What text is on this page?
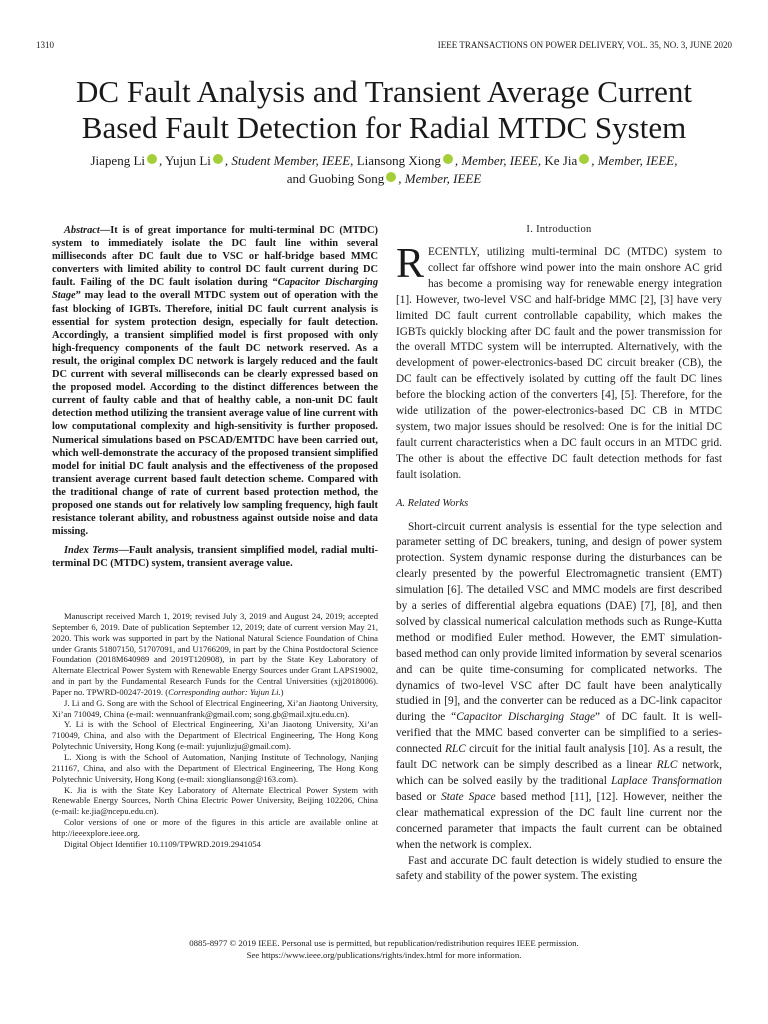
1310	IEEE TRANSACTIONS ON POWER DELIVERY, VOL. 35, NO. 3, JUNE 2020
DC Fault Analysis and Transient Average Current
Based Fault Detection for Radial MTDC System
Jiapeng Li , Yujun Li , Student Member, IEEE, Liansong Xiong , Member, IEEE, Ke Jia , Member, IEEE,
and Guobing Song , Member, IEEE
Abstract—It is of great importance for multi-terminal DC (MTDC) system to immediately isolate the DC fault line within several milliseconds after DC fault due to VSC or half-bridge based MMC converters with limited ability to control DC fault current during DC fault. Failing of the DC fault isolation during “Capacitor Discharging Stage” may lead to the overall MTDC system out of operation with the fast blocking of IGBTs. Therefore, initial DC fault current analysis is essential for system protection design, especially for fault detection. Accordingly, a transient simplified model is first proposed with only high-frequency components of the fault DC network reserved. As a result, the original complex DC network is largely reduced and the fault DC current with several milliseconds can be clearly expressed based on the proposed model. According to the distinct differences between the current of faulty cable and that of healthy cable, a non-unit DC fault detection method utilizing the transient average value of line current with low computational complexity and high-sensitivity is further proposed. Numerical simulations based on PSCAD/EMTDC have been carried out, which well-demonstrate the accuracy of the proposed transient simplified model for initial DC fault analysis and the effectiveness of the proposed transient average current based fault detection scheme. Compared with the traditional change of rate of current based protection method, the proposed one stands out for relatively low sampling frequency, high fault resistance tolerant ability, and robustness against outside noise and data missing.
Index Terms—Fault analysis, transient simplified model, radial multi-terminal DC (MTDC) system, transient average value.

Manuscript received March 1, 2019; revised July 3, 2019 and August 24, 2019; accepted September 6, 2019. Date of publication September 12, 2019; date of current version May 21, 2020. This work was supported in part by the National Natural Science Foundation of China under Grants 51807150, 51707091, and U1766209, in part by the China Postdoctoral Science Foundation (2018M640989 and 2019T120908), in part by the State Key Laboratory of Alternate Electrical Power System with Renewable Energy Sources under Grant LAPS19002, and in part by the Fundamental Research Funds for the Central Universities (xjj2018006). Paper no. TPWRD-00247-2019. (Corresponding author: Yujun Li.)

J. Li and G. Song are with the School of Electrical Engineering, Xi’an Jiaotong University, Xi’an 710049, China (e-mail: wennuanfrank@gmail.com; song.gb@mail.xjtu.edu.cn).

Y. Li is with the School of Electrical Engineering, Xi’an Jiaotong University, Xi’an 710049, China, and also with the Department of Electrical Engineering, The Hong Kong Polytechnic University, Hong Kong (e-mail: yujunlizju@gmail.com).

L. Xiong is with the School of Automation, Nanjing Institute of Technology, Nanjing 211167, China, and also with the Department of Electrical Engineering, The Hong Kong Polytechnic University, Hong Kong (e-mail: xiongliansong@163.com).

K. Jia is with the State Key Laboratory of Alternate Electrical Power System with Renewable Energy Sources, North China Electric Power University, Beijing 102206, China (e-mail: ke.jia@ncepu.edu.cn).

Color versions of one or more of the figures in this article are available online at http://ieeexplore.ieee.org.

Digital Object Identifier 10.1109/TPWRD.2019.2941054

I. Introduction

RECENTLY, utilizing multi-terminal DC (MTDC) system to collect far offshore wind power into the main onshore AC grid has become a promising way for renewable energy integration [1]. However, two-level VSC and half-bridge MMC [2], [3] have very limited DC fault current controllable capability, which makes the IGBTs quickly blocking after DC fault and the power transmission for the overall MTDC system will be interrupted. Alternatively, with the development of power-electronics-based DC circuit breaker (CB), the DC fault can be effectively isolated by cutting off the fault DC lines before the blocking action of the converters [4], [5]. Therefore, for the wide utilization of the power-electronics-based DC CB in MTDC system, two major issues should be resolved: One is for the initial DC fault current characteristics when a DC fault occurs in an MTDC grid. The other is about the effective DC fault detection methods for fast fault isolation.

A. Related Works

Short-circuit current analysis is essential for the type selection and parameter setting of DC breakers, tuning, and design of power system protection. System dynamic response during the disturbances can be clearly presented by the powerful Electromagnetic transient (EMT) simulation [6]. The detailed VSC and MMC models are first described by a series of differential algebra equations (DAE) [7], [8], and then solved by classical numerical calculation methods such as Runge-Kutta method or modified Euler method. However, the EMT simulation-based method can only provide limited information by several scenarios and can be quite time-consuming for complicated networks. The dynamics of two-level VSC after DC fault have been analytically studied in [9], and the converter can be reduced as a DC-link capacitor during the “Capacitor Discharging Stage” of DC fault. It is well-verified that the MMC based converter can be simplified to a series-connected RLC circuit for the initial fault analysis [10]. As a result, the fault DC network can be simply described as a linear RLC network, which can be solved easily by the traditional Laplace Transformation based or State Space based method [11], [12]. However, neither the clear mathematical expression of the DC fault line current nor the concerned parameter that impacts the fault current can be obtained when the network is complex.

Fast and accurate DC fault detection is widely studied to ensure the safety and stability of the power system. The existing

0885-8977 © 2019 IEEE. Personal use is permitted, but republication/redistribution requires IEEE permission.
See https://www.ieee.org/publications/rights/index.html for more information.
